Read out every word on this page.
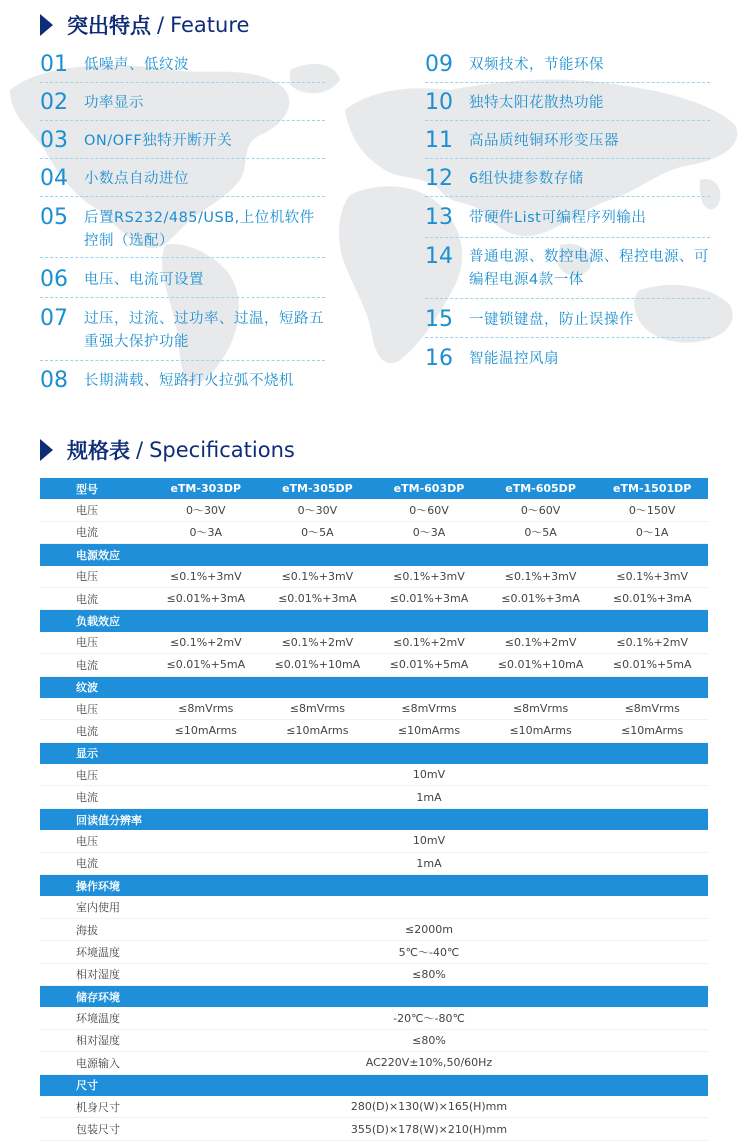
突出特点 / Feature
01	低噪声、低纹波
02	功率显示
03	ON/OFF独特开断开关
04	小数点自动进位
05	后置RS232/485/USB,上位机软件控制（选配）
06	电压、电流可设置
07	过压，过流、过功率、过温，短路五重强大保护功能
08	长期满载、短路打火拉弧不烧机
09	双频技术，节能环保
10	独特太阳花散热功能
11	高品质纯铜环形变压器
12	6组快捷参数存储
13	带硬件List可编程序列输出
14	普通电源、数控电源、程控电源、可编程电源4款一体
15	一键锁键盘，防止误操作
16	智能温控风扇
规格表 / Specifications
型号	eTM-303DP	eTM-305DP	eTM-603DP	eTM-605DP	eTM-1501DP
电压	0～30V	0～30V	0～60V	0～60V	0～150V
电流	0～3A	0～5A	0～3A	0～5A	0～1A
电源效应					
电压	≤0.1%+3mV	≤0.1%+3mV	≤0.1%+3mV	≤0.1%+3mV	≤0.1%+3mV
电流	≤0.01%+3mA	≤0.01%+3mA	≤0.01%+3mA	≤0.01%+3mA	≤0.01%+3mA
负载效应					
电压	≤0.1%+2mV	≤0.1%+2mV	≤0.1%+2mV	≤0.1%+2mV	≤0.1%+2mV
电流	≤0.01%+5mA	≤0.01%+10mA	≤0.01%+5mA	≤0.01%+10mA	≤0.01%+5mA
纹波					
电压	≤8mVrms	≤8mVrms	≤8mVrms	≤8mVrms	≤8mVrms
电流	≤10mArms	≤10mArms	≤10mArms	≤10mArms	≤10mArms
显示					
电压	10mV				
电流	1mA				
回读值分辨率					
电压	10mV				
电流	1mA				
操作环境					
室内使用					
海拔	≤2000m				
环境温度	5℃～-40℃				
相对湿度	≤80%				
储存环境					
环境温度	-20℃～-80℃				
相对湿度	≤80%				
电源输入	AC220V±10%,50/60Hz				
尺寸					
机身尺寸	280(D)×130(W)×165(H)mm				
包装尺寸	355(D)×178(W)×210(H)mm				
